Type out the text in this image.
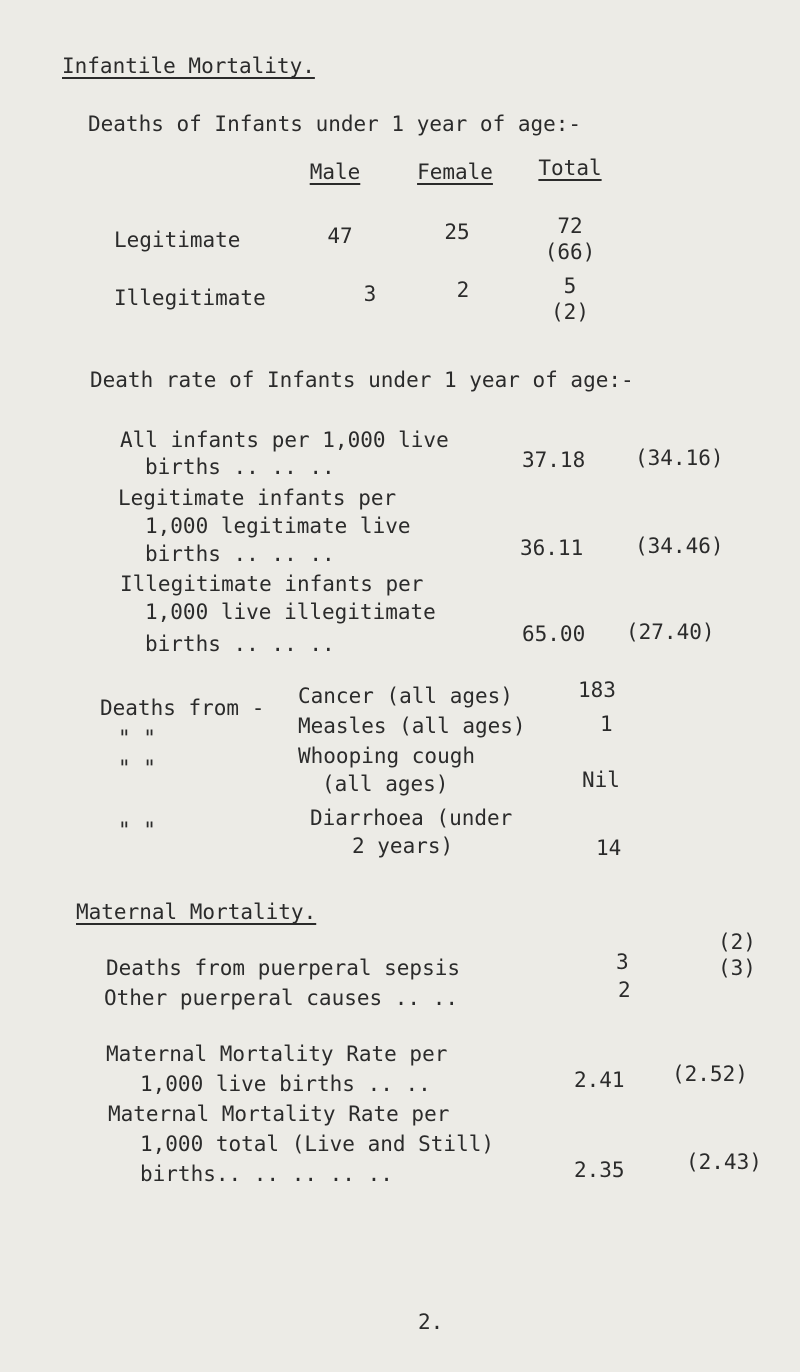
Infantile Mortality.
Deaths of Infants under 1 year of age:-
Male	Female	Total
Legitimate	47	25	72
(66)
Illegitimate	3	2	5
(2)
Death rate of Infants under 1 year of age:-
All infants per 1,000 live
births .. .. ..	37.18 (34.16)
Legitimate infants per
1,000 legitimate live
births .. .. ..	36.11 (34.46)
Illegitimate infants per
1,000 live illegitimate
births .. .. ..	65.00 (27.40)
Deaths from - Cancer (all ages)	183
" "	Measles (all ages)	1
" "	Whooping cough
(all ages)	Nil
" "	Diarrhoea (under
2 years)	14
Maternal Mortality.
Deaths from puerperal sepsis	3
(2)
Other puerperal causes .. ..	2
(3)
Maternal Mortality Rate per
1,000 live births .. ..	2.41 (2.52)
Maternal Mortality Rate per
1,000 total (Live and Still)
births.. .. .. .. ..	2.35	(2.43)
2.
